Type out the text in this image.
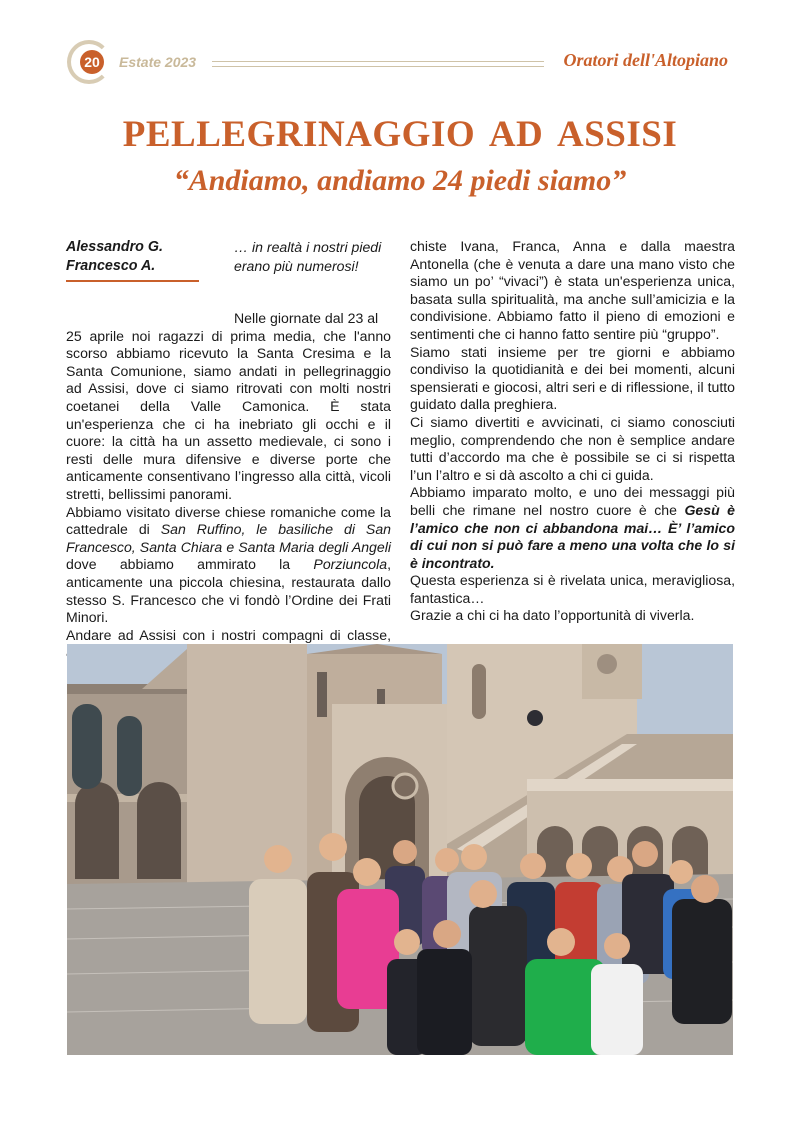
20	Estate 2023	Oratori dell'Altopiano
PELLEGRINAGGIO AD ASSISI
“Andiamo, andiamo 24 piedi siamo”
Alessandro G.
Francesco A.
… in realtà i nostri piedi erano più numerosi!

Nelle giornate dal 23 al
25 aprile noi ragazzi di prima media, che l'anno scorso abbiamo ricevuto la Santa Cresima e la Santa Comunione, siamo andati in pellegrinaggio ad Assisi, dove ci siamo ritrovati con molti nostri coetanei della Valle Camonica. È stata un'esperienza che ci ha inebriato gli occhi e il cuore: la città ha un assetto medievale, ci sono i resti delle mura difensive e diverse porte che anticamente consentivano l’ingresso alla città, vicoli stretti, bellissimi panorami.

Abbiamo visitato diverse chiese romaniche come la cattedrale di San Ruffino, le basiliche di San Francesco, Santa Chiara e Santa Maria degli Angeli dove abbiamo ammirato la Porziuncola, anticamente una piccola chiesina, restaurata dallo stesso S. Francesco che vi fondò l’Ordine dei Frati Minori.

Andare ad Assisi con i nostri compagni di classe,

chiste Ivana, Franca, Anna e dalla maestra Antonella (che è venuta a dare una mano visto che siamo un po’ “vivaci”) è stata un'esperienza unica, basata sulla spiritualità, ma anche sull’amicizia e la condivisione. Abbiamo fatto il pieno di emozioni e sentimenti che ci hanno fatto sentire più “gruppo”.

Siamo stati insieme per tre giorni e abbiamo condiviso la quotidianità e dei bei momenti, alcuni spensierati e giocosi, altri seri e di riflessione, il tutto guidato dalla preghiera.

Ci siamo divertiti e avvicinati, ci siamo conosciuti meglio, comprendendo che non è semplice andare tutti d’accordo ma che è possibile se ci si rispetta l’un l’altro e si dà ascolto a chi ci guida.

Abbiamo imparato molto, e uno dei messaggi più belli che rimane nel nostro cuore è che Gesù è l’amico che non ci abbandona mai… È’ l’amico di cui non si può fare a meno una volta che lo si è incontrato.

Questa esperienza si è rivelata unica, meravigliosa, fantastica…

Grazie a chi ci ha dato l’opportunità di viverla.
